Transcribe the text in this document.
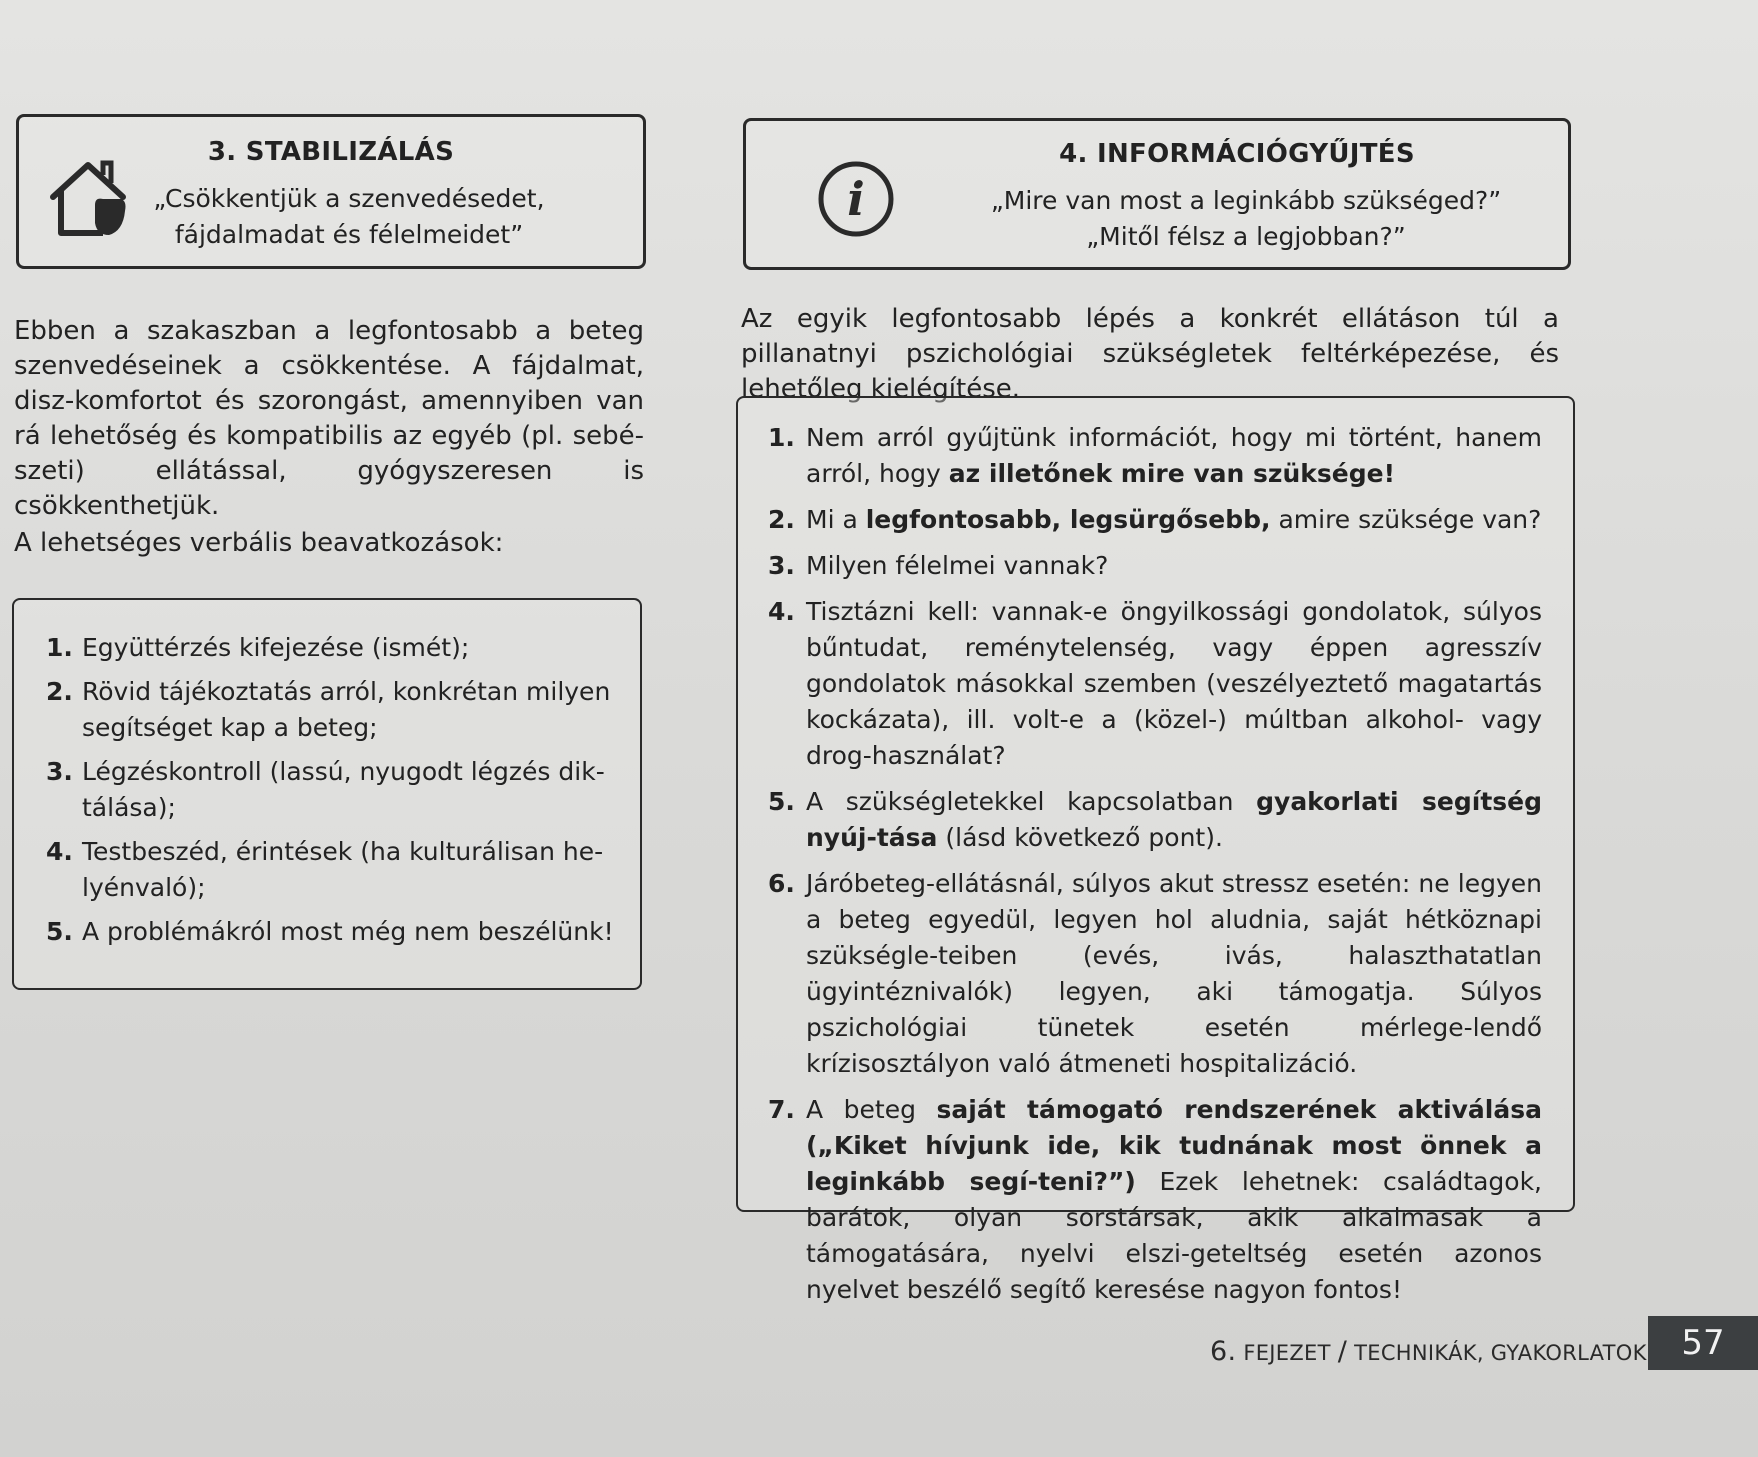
3. STABILIZÁLÁS
„Csökkentjük a szenvedésedet,
fájdalmadat és félelmeidet”
4. INFORMÁCIÓGYŰJTÉS
i	„Mire van most a leginkább szükséged?”
„Mitől félsz a legjobban?”
Ebben a szakaszban a legfontosabb a beteg szenvedéseinek a csökkentése. A fájdalmat, disz-komfortot és szorongást, amennyiben van rá lehetőség és kompatibilis az egyéb (pl. sebé-szeti) ellátással, gyógyszeresen is csökkenthetjük.
A lehetséges verbális beavatkozások:
1. Együttérzés kifejezése (ismét);
2. Rövid tájékoztatás arról, konkrétan milyen segítséget kap a beteg;
3. Légzéskontroll (lassú, nyugodt légzés dik-tálása);
4. Testbeszéd, érintések (ha kulturálisan he-lyénvaló);
5. A problémákról most még nem beszélünk!
Az egyik legfontosabb lépés a konkrét ellátáson túl a pillanatnyi pszichológiai szükségletek feltérképezése, és lehetőleg kielégítése.
1. Nem arról gyűjtünk információt, hogy mi történt, hanem arról, hogy az illetőnek mire van szüksége!
2. Mi a legfontosabb, legsürgősebb, amire szüksége van?
3. Milyen félelmei vannak?
4. Tisztázni kell: vannak-e öngyilkossági gondolatok, súlyos bűntudat, reménytelenség, vagy éppen agresszív gondolatok másokkal szemben (veszélyeztető magatartás kockázata), ill. volt-e a (közel-) múltban alkohol- vagy drog-használat?
5. A szükségletekkel kapcsolatban gyakorlati segítség nyúj-tása (lásd következő pont).
6. Járóbeteg-ellátásnál, súlyos akut stressz esetén: ne legyen a beteg egyedül, legyen hol aludnia, saját hétköznapi szükségle-teiben (evés, ivás, halaszthatatlan ügyintéznivalók) legyen, aki támogatja. Súlyos pszichológiai tünetek esetén mérlege-lendő krízisosztályon való átmeneti hospitalizáció.
7. A beteg saját támogató rendszerének aktiválása („Kiket hívjunk ide, kik tudnának most önnek a leginkább segí-teni?”) Ezek lehetnek: családtagok, barátok, olyan sorstársak, akik alkalmasak a támogatására, nyelvi elszi-geteltség esetén azonos nyelvet beszélő segítő keresése nagyon fontos!
6. FEJEZET / TECHNIKÁK, GYAKORLATOK	57
